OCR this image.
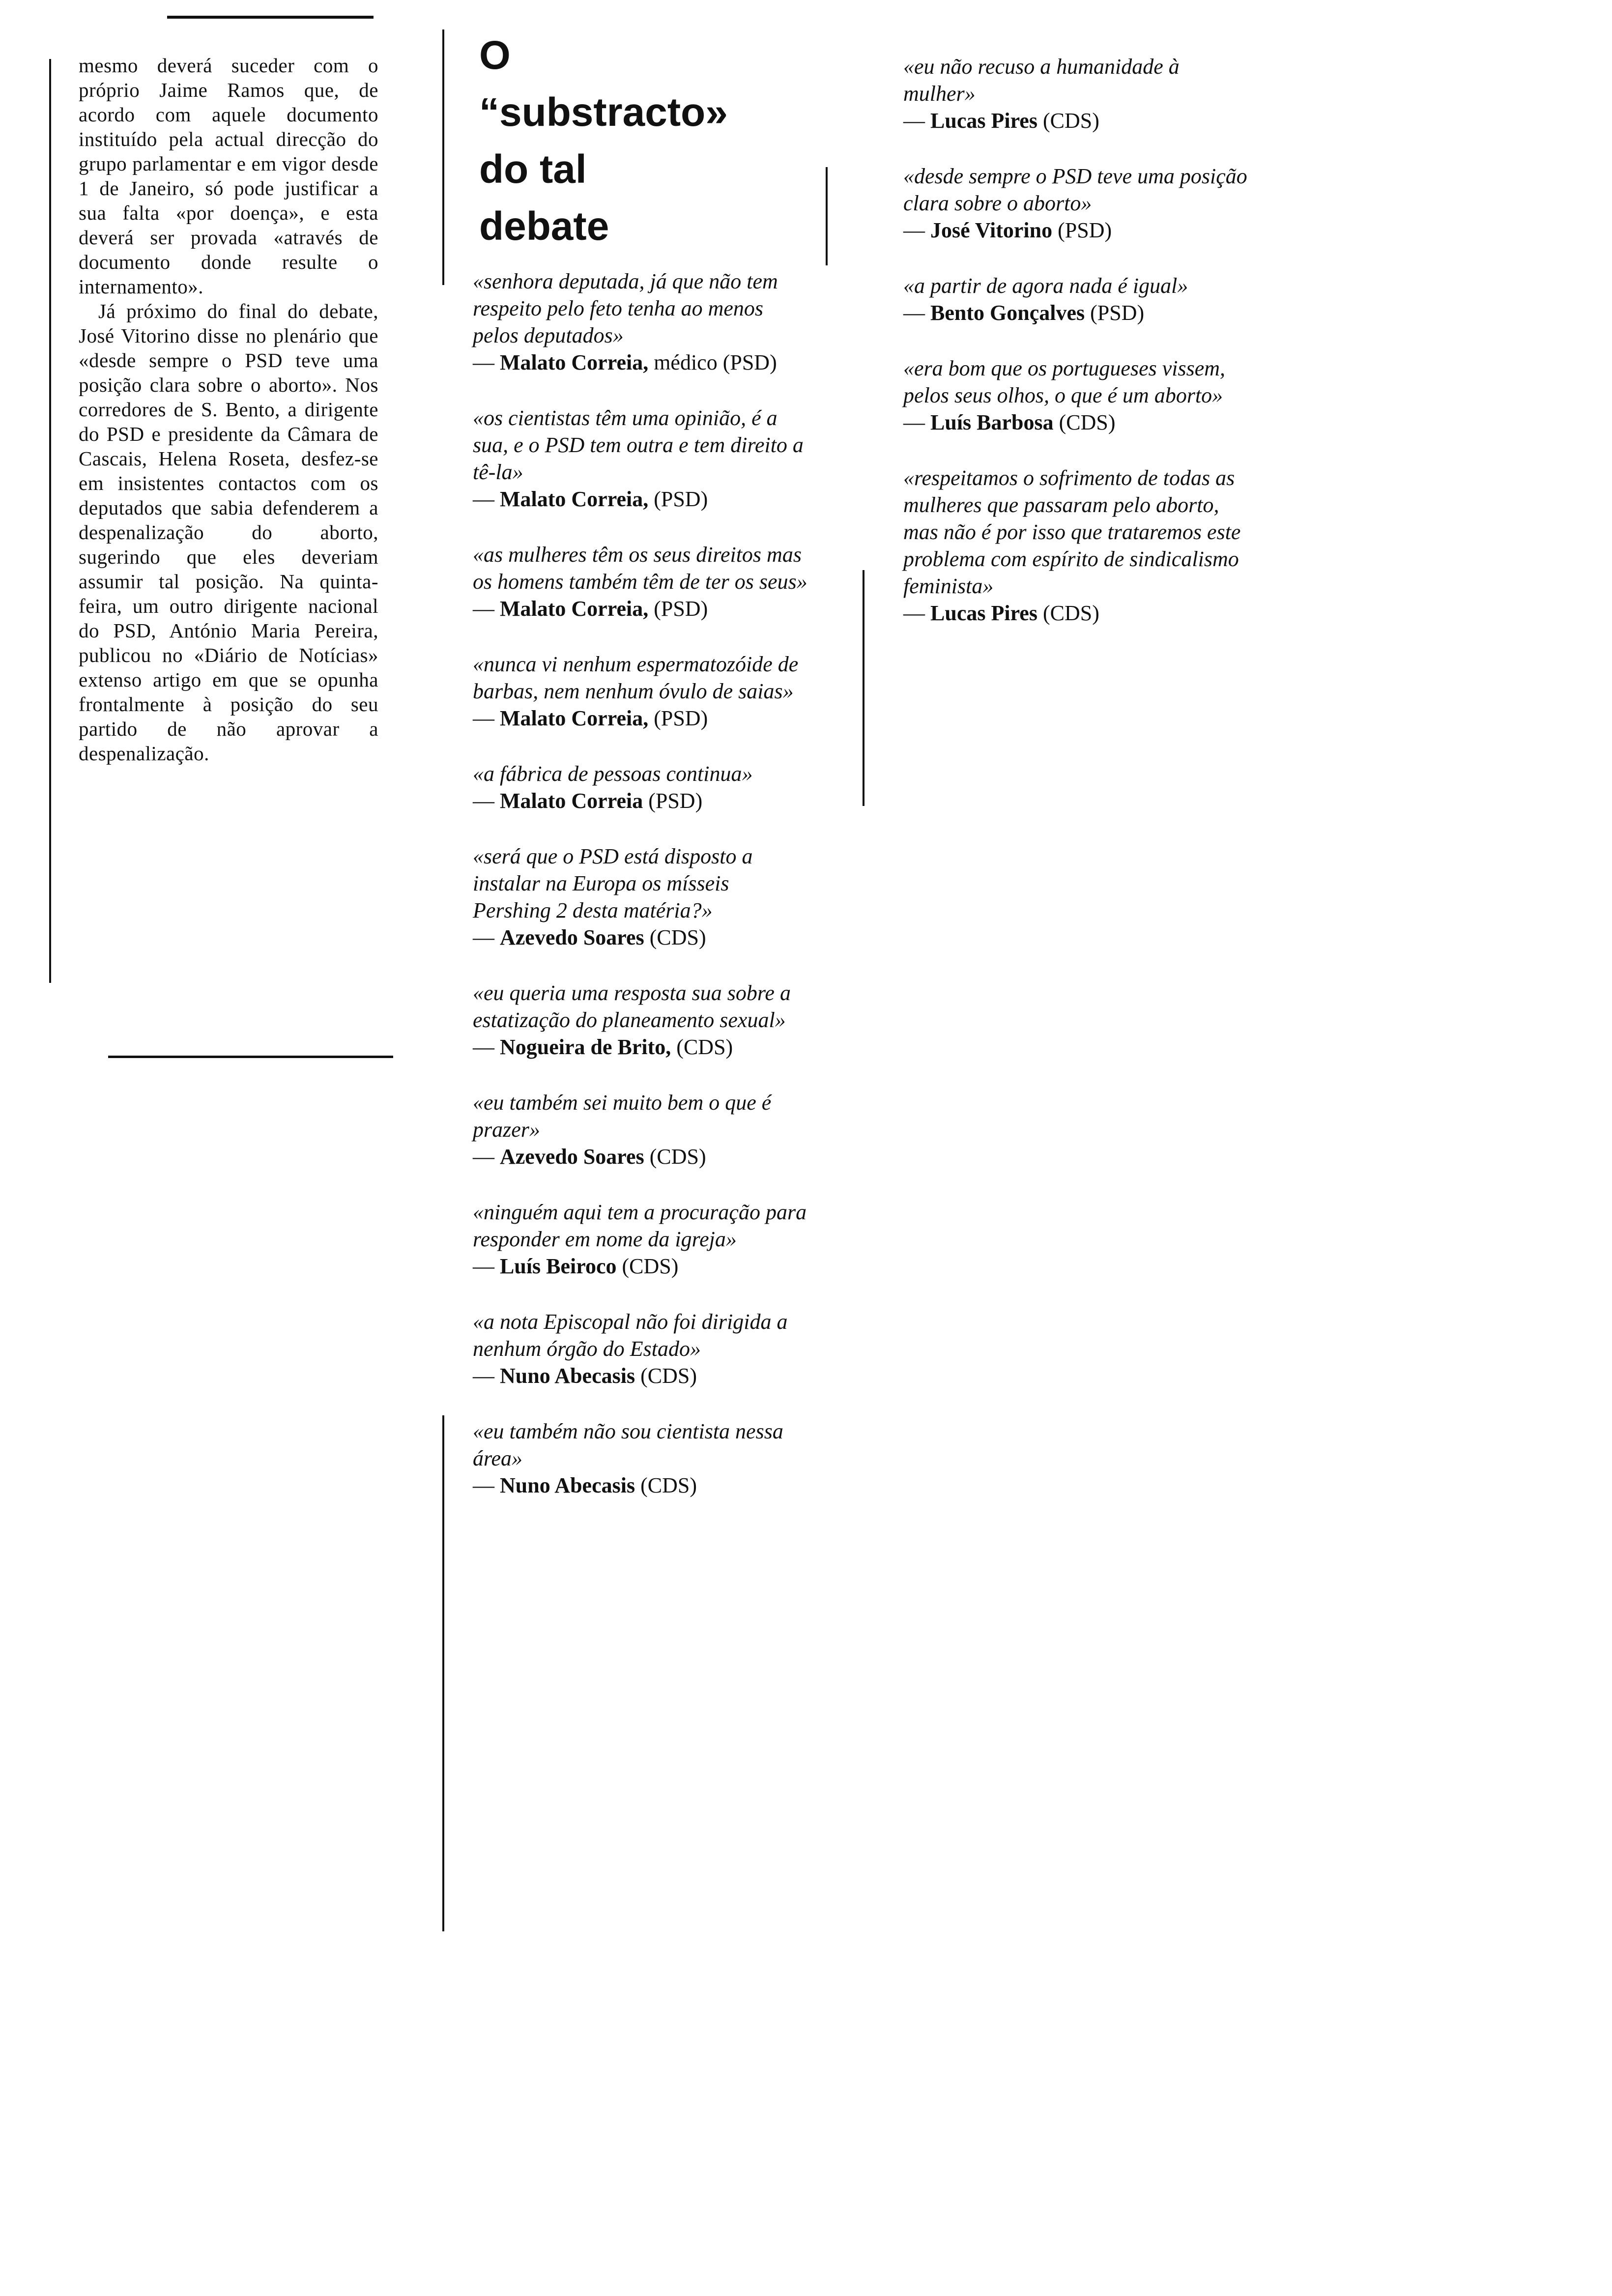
mesmo deverá suceder com o próprio Jaime Ramos que, de acordo com aquele documento instituído pela actual direcção do grupo parlamentar e em vigor desde 1 de Janeiro, só pode justificar a sua falta «por doença», e esta deverá ser provada «através de documento donde resulte o internamento».

Já próximo do final do debate, José Vitorino disse no plenário que «desde sempre o PSD teve uma posição clara sobre o aborto». Nos corredores de S. Bento, a dirigente do PSD e presidente da Câmara de Cascais, Helena Roseta, desfez-se em insistentes contactos com os deputados que sabia defenderem a despenalização do aborto, sugerindo que eles deveriam assumir tal posição. Na quinta-feira, um outro dirigente nacional do PSD, António Maria Pereira, publicou no «Diário de Notícias» extenso artigo em que se opunha frontalmente à posição do seu partido de não aprovar a despenalização.

O
“substracto»
do tal
debate
«senhora deputada, já que não tem respeito pelo feto tenha ao menos pelos deputados»
— Malato Correia, médico (PSD)
«os cientistas têm uma opinião, é a sua, e o PSD tem outra e tem direito a tê-la»
— Malato Correia, (PSD)
«as mulheres têm os seus direitos mas os homens também têm de ter os seus»
— Malato Correia, (PSD)
«nunca vi nenhum espermatozóide de barbas, nem nenhum óvulo de saias»
— Malato Correia, (PSD)
«a fábrica de pessoas continua»
— Malato Correia (PSD)
«será que o PSD está disposto a instalar na Europa os mísseis Pershing 2 desta matéria?»
— Azevedo Soares (CDS)
«eu queria uma resposta sua sobre a estatização do planeamento sexual»
— Nogueira de Brito, (CDS)
«eu também sei muito bem o que é prazer»
— Azevedo Soares (CDS)
«ninguém aqui tem a procuração para responder em nome da igreja»
— Luís Beiroco (CDS)
«a nota Episcopal não foi dirigida a nenhum órgão do Estado»
— Nuno Abecasis (CDS)
«eu também não sou cientista nessa área»
— Nuno Abecasis (CDS)
«eu não recuso a humanidade à mulher»
— Lucas Pires (CDS)
«desde sempre o PSD teve uma posição clara sobre o aborto»
— José Vitorino (PSD)
«a partir de agora nada é igual»
— Bento Gonçalves (PSD)
«era bom que os portugueses vissem, pelos seus olhos, o que é um aborto»
— Luís Barbosa (CDS)
«respeitamos o sofrimento de todas as mulheres que passaram pelo aborto, mas não é por isso que trataremos este problema com espírito de sindicalismo feminista»
— Lucas Pires (CDS)
